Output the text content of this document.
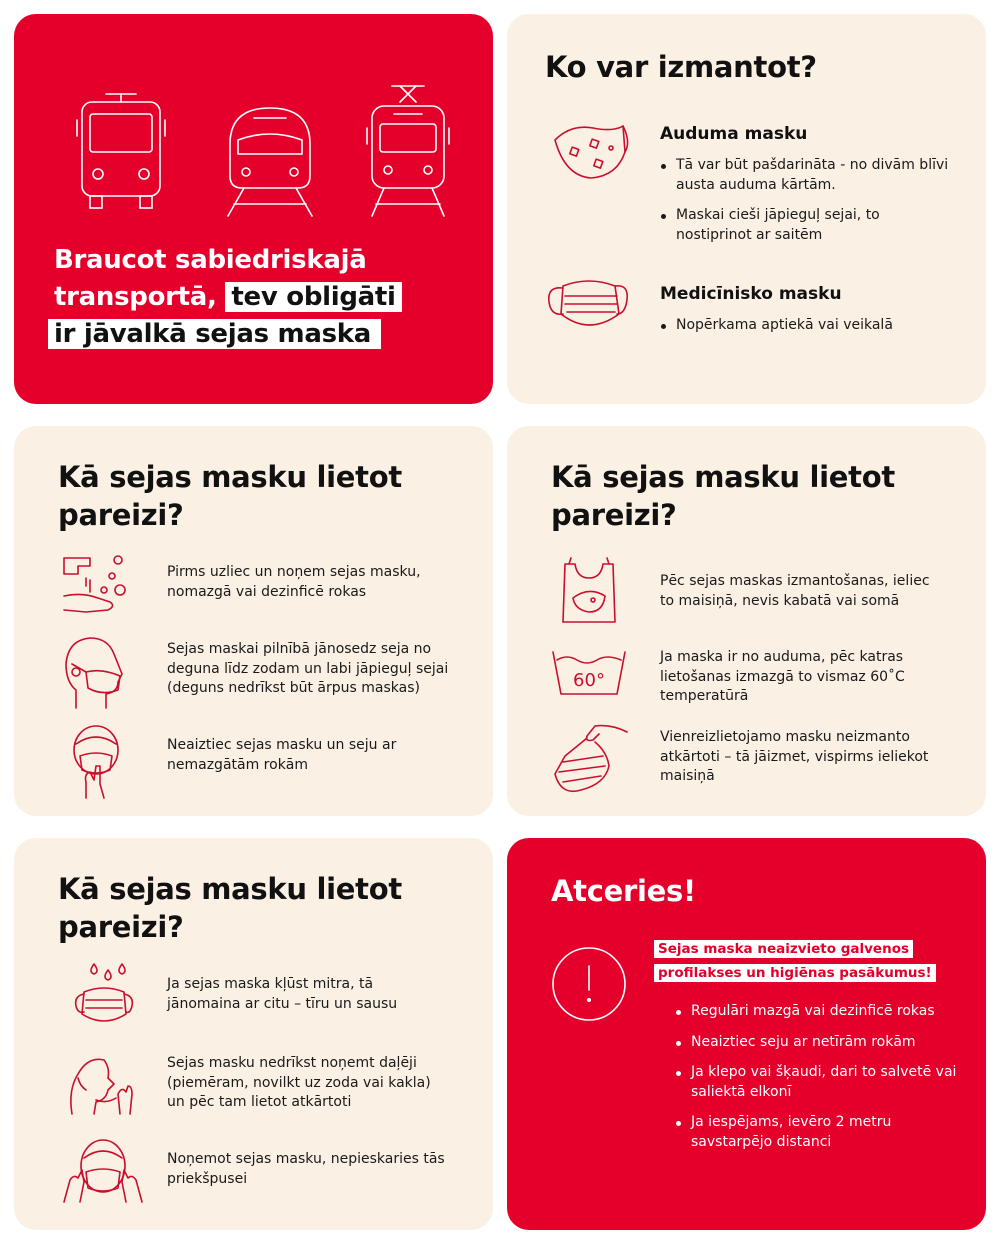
Braucot sabiedriskajā
transportā, tev obligāti
ir jāvalkā sejas maska
Ko var izmantot?
Auduma masku
Tā var būt pašdarināta - no divām blīvi austa auduma kārtām.
Maskai cieši jāpieguļ sejai, to nostiprinot ar saitēm
Medicīnisko masku
Nopērkama aptiekā vai veikalā
Kā sejas masku lietot
pareizi?
Pirms uzliec un noņem sejas masku, nomazgā vai dezinficē rokas
Sejas maskai pilnībā jānosedz seja no deguna līdz zodam un labi jāpieguļ sejai (deguns nedrīkst būt ārpus maskas)
Neaiztiec sejas masku un seju ar nemazgātām rokām
Kā sejas masku lietot
pareizi?
Pēc sejas maskas izmantošanas, ieliec to maisiņā, nevis kabatā vai somā
60°
Ja maska ir no auduma, pēc katras lietošanas izmazgā to vismaz 60˚C temperatūrā
Vienreizlietojamo masku neizmanto atkārtoti – tā jāizmet, vispirms ieliekot maisiņā
Kā sejas masku lietot
pareizi?
Ja sejas maska kļūst mitra, tā jānomaina ar citu – tīru un sausu
Sejas masku nedrīkst noņemt daļēji (piemēram, novilkt uz zoda vai kakla) un pēc tam lietot atkārtoti
Noņemot sejas masku, nepieskaries tās priekšpusei
Atceries!
Sejas maska neaizvieto galvenos
profilakses un higiēnas pasākumus!
Regulāri mazgā vai dezinficē rokas
Neaiztiec seju ar netīrām rokām
Ja klepo vai šķaudi, dari to salvetē vai saliektā elkonī
Ja iespējams, ievēro 2 metru savstarpējo distanci
